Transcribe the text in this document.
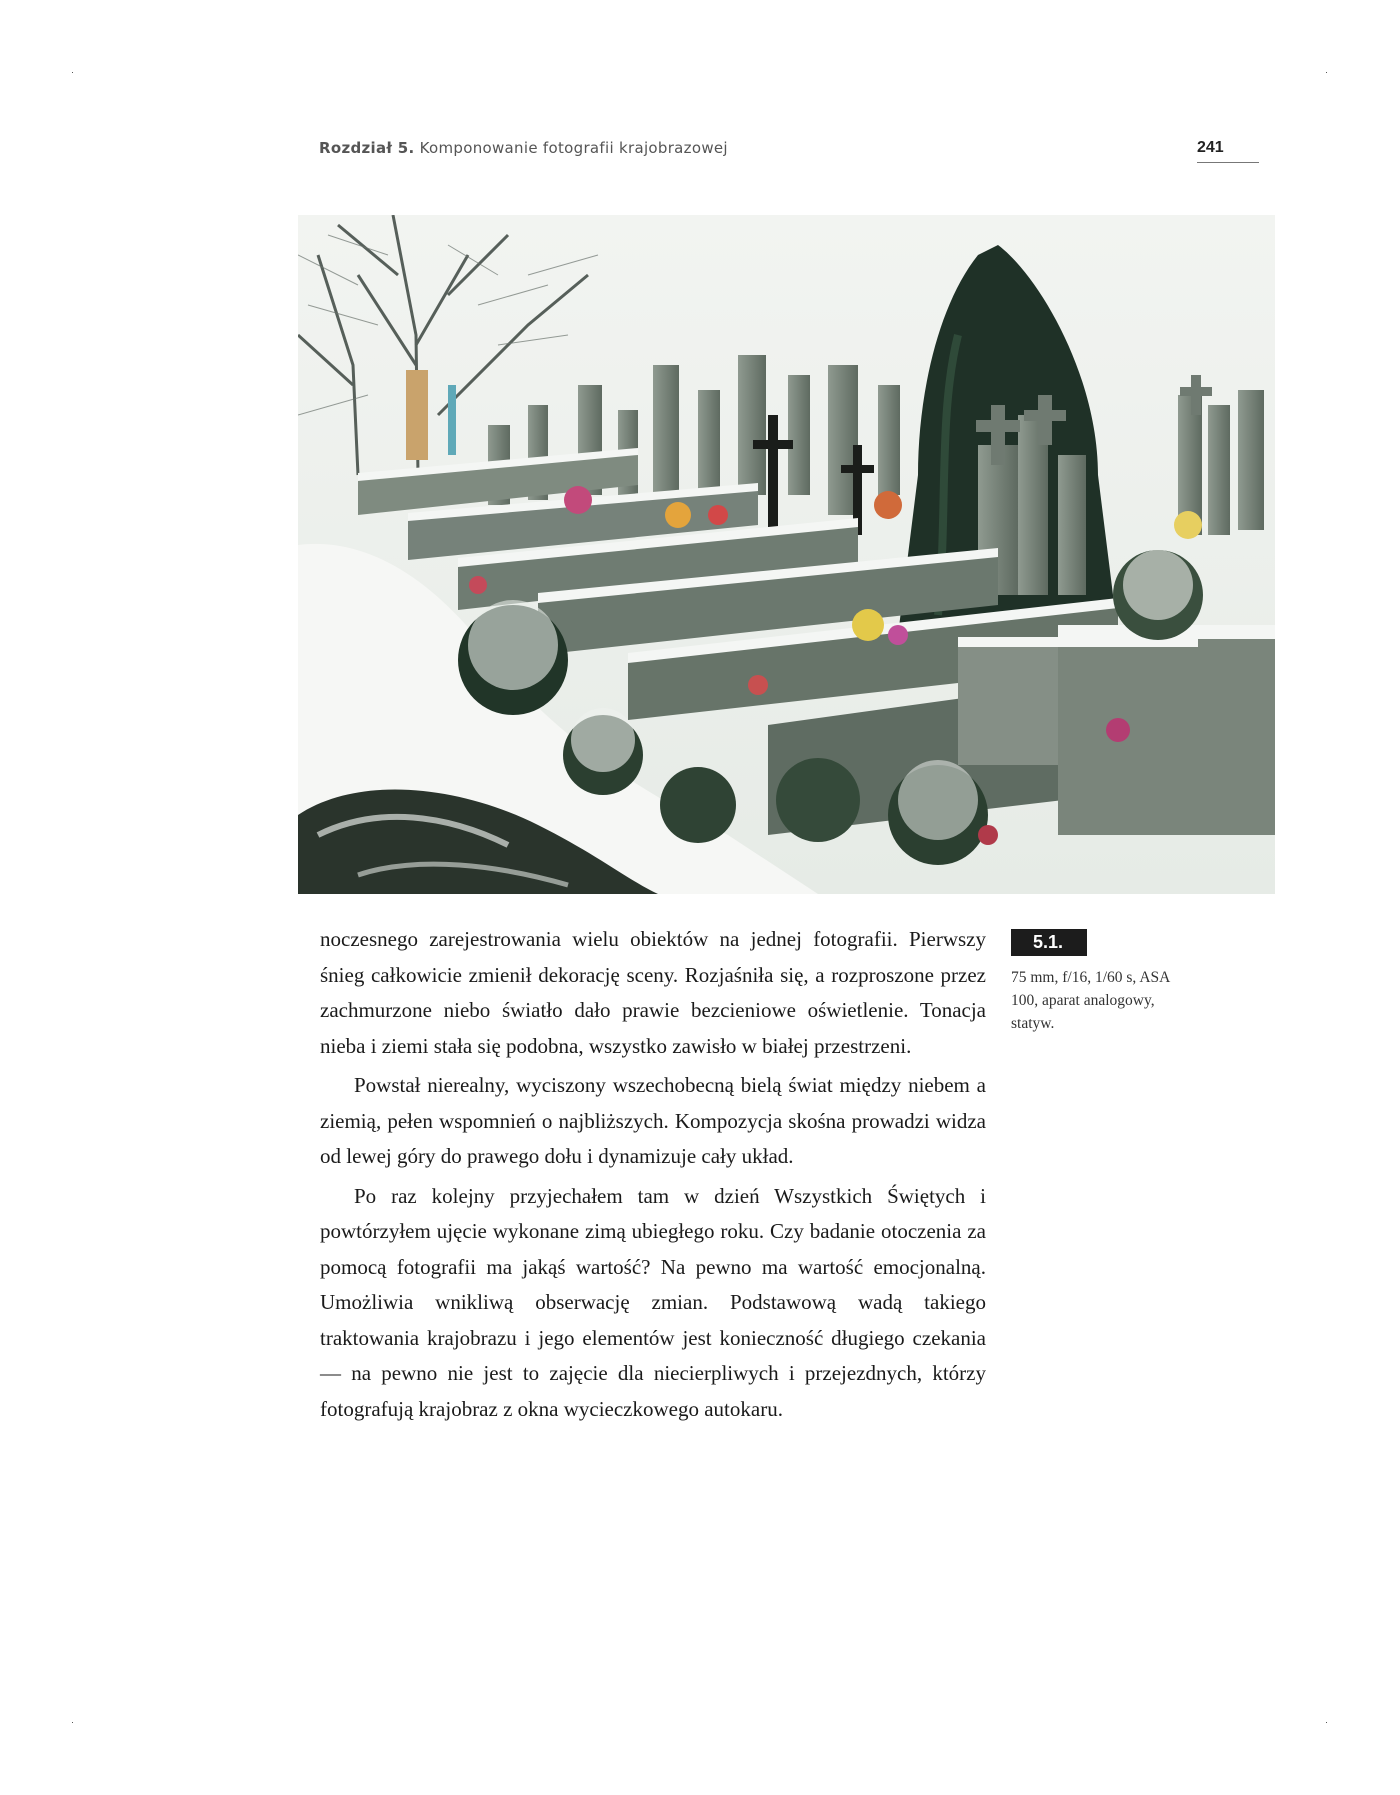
Rozdział 5. Komponowanie fotografii krajobrazowej	241

noczesnego zarejestrowania wielu obiektów na jednej fotografii. Pierwszy śnieg całkowicie zmienił dekorację sceny. Rozjaśniła się, a rozproszone przez zachmurzone niebo światło dało prawie bezcieniowe oświetlenie. Tonacja nieba i ziemi stała się podobna, wszystko zawisło w białej przestrzeni.

Powstał nierealny, wyciszony wszechobecną bielą świat między niebem a ziemią, pełen wspomnień o najbliższych. Kompozycja skośna prowadzi widza od lewej góry do prawego dołu i dynamizuje cały układ.

Po raz kolejny przyjechałem tam w dzień Wszystkich Świętych i powtórzyłem ujęcie wykonane zimą ubiegłego roku. Czy badanie otoczenia za pomocą fotografii ma jakąś wartość? Na pewno ma wartość emocjonalną. Umożliwia wnikliwą obserwację zmian. Podstawową wadą takiego traktowania krajobrazu i jego elementów jest konieczność długiego czekania — na pewno nie jest to zajęcie dla niecierpliwych i przejezdnych, którzy fotografują krajobraz z okna wycieczkowego autokaru.

5.1.
75 mm, f/16, 1/60 s, ASA 100, aparat analogowy, statyw.
